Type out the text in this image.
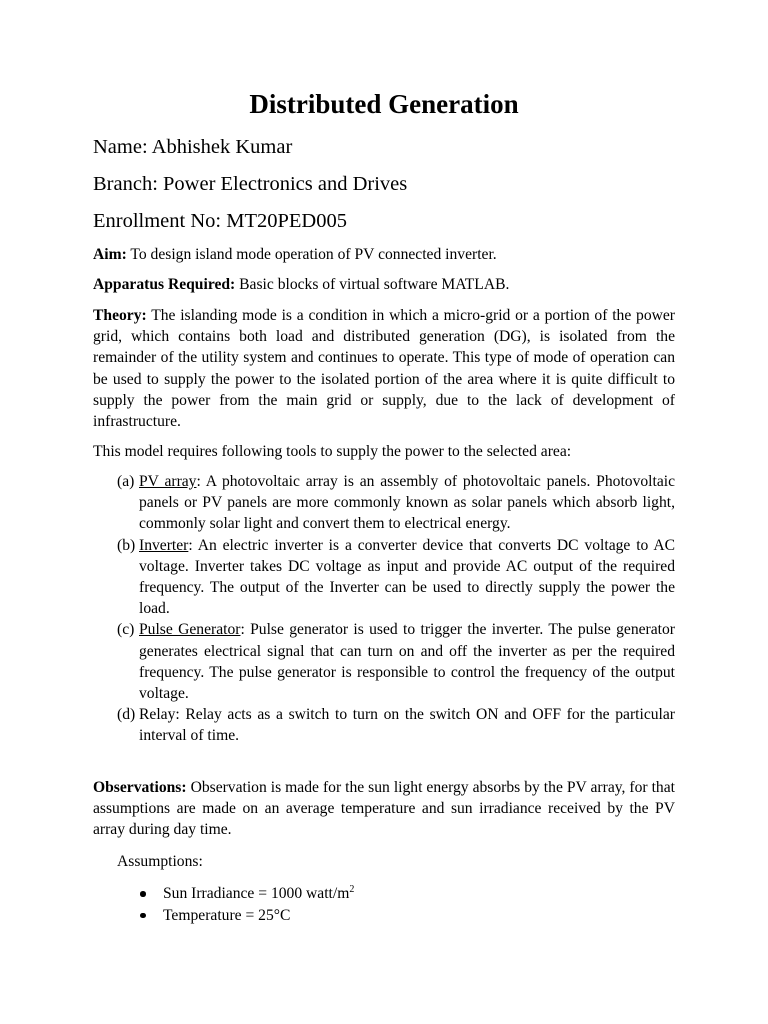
Distributed Generation
Name: Abhishek Kumar
Branch: Power Electronics and Drives
Enrollment No: MT20PED005
Aim: To design island mode operation of PV connected inverter.
Apparatus Required: Basic blocks of virtual software MATLAB.
Theory: The islanding mode is a condition in which a micro-grid or a portion of the power grid, which contains both load and distributed generation (DG), is isolated from the remainder of the utility system and continues to operate. This type of mode of operation can be used to supply the power to the isolated portion of the area where it is quite difficult to supply the power from the main grid or supply, due to the lack of development of infrastructure.
This model requires following tools to supply the power to the selected area:
(a) PV array: A photovoltaic array is an assembly of photovoltaic panels. Photovoltaic panels or PV panels are more commonly known as solar panels which absorb light, commonly solar light and convert them to electrical energy.
(b) Inverter: An electric inverter is a converter device that converts DC voltage to AC voltage. Inverter takes DC voltage as input and provide AC output of the required frequency. The output of the Inverter can be used to directly supply the power the load.
(c) Pulse Generator: Pulse generator is used to trigger the inverter. The pulse generator generates electrical signal that can turn on and off the inverter as per the required frequency. The pulse generator is responsible to control the frequency of the output voltage.
(d) Relay: Relay acts as a switch to turn on the switch ON and OFF for the particular interval of time.
Observations: Observation is made for the sun light energy absorbs by the PV array, for that assumptions are made on an average temperature and sun irradiance received by the PV array during day time.
Assumptions:
Sun Irradiance = 1000 watt/$m^2$
Temperature = 25°C
